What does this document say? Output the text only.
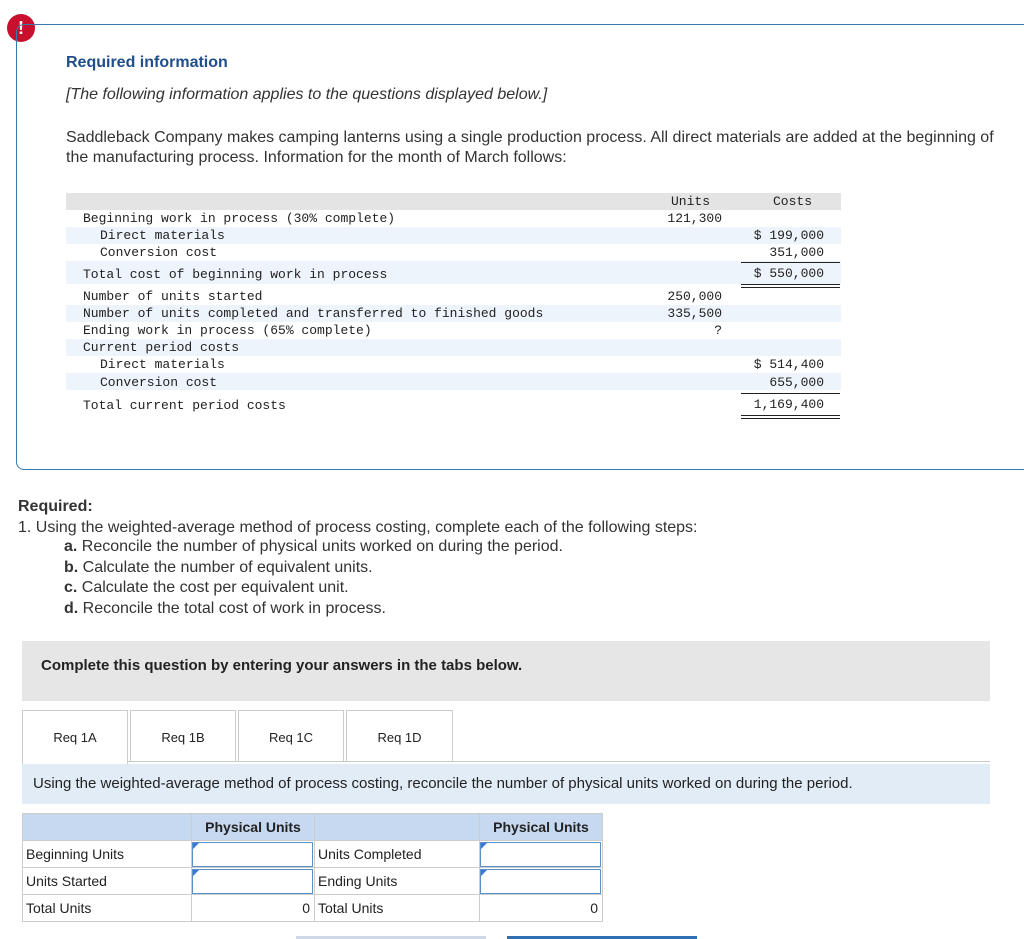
!
Required information
[The following information applies to the questions displayed below.]
Saddleback Company makes camping lanterns using a single production process. All direct materials are added at the beginning of the manufacturing process. Information for the month of March follows:
Units	Costs
Beginning work in process (30% complete)	121,300
Direct materials	$ 199,000
Conversion cost	351,000
Total cost of beginning work in process	$ 550,000
Number of units started	250,000
Number of units completed and transferred to finished goods	335,500
Ending work in process (65% complete)	?
Current period costs
Direct materials	$ 514,400
Conversion cost	655,000
Total current period costs	1,169,400
Required:
1. Using the weighted-average method of process costing, complete each of the following steps:
a. Reconcile the number of physical units worked on during the period.
b. Calculate the number of equivalent units.
c. Calculate the cost per equivalent unit.
d. Reconcile the total cost of work in process.
Complete this question by entering your answers in the tabs below.
Req 1A	Req 1B	Req 1C	Req 1D
Using the weighted-average method of process costing, reconcile the number of physical units worked on during the period.
	Physical Units		Physical Units
Beginning Units		Units Completed	

Units Started		Ending Units	

Total Units	0	Total Units	0
